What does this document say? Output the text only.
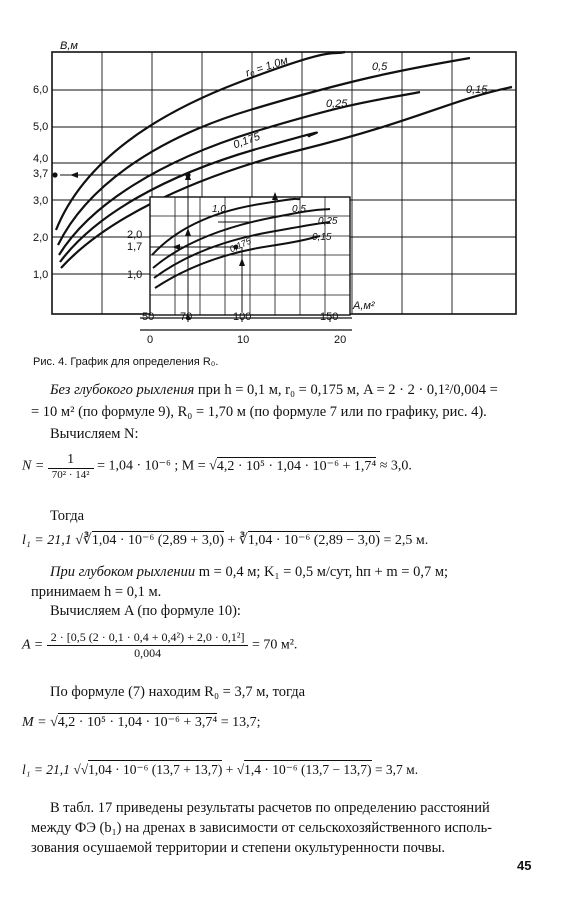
В,м
6,0
5,0
4,0
3,7
3,0
2,0
1,0
2,0
1,7
1,0
50 70	100	150
0	10	20
А,м²
r₀ = 1,0м	0,5
0,25
0,175
0,15
1,0	0,5
0,25
0,15
0,175
Рис. 4. График для определения R₀.
Без глубокого рыхления при h = 0,1 м, r₀ = 0,175 м, A = 2 · 2 · 0,1²/0,004 =
= 10 м² (по формуле 9), R₀ = 1,70 м (по формуле 7 или по графику, рис. 4).
Вычисляем N:
$N = \frac{1}{\text{70² · 14²}} = 1,04 \cdot 10^{-6}$ ; M = √4,2 · 10⁵ · 1,04 · 10⁻⁶ + 1,7⁴ ≈ 3,0.
Тогда
l₁ = 21,1 √∛1,04 · 10⁻⁶ (2,89 + 3,0) + ∛1,04 · 10⁻⁶ (2,89 − 3,0) = 2,5 м.
При глубоком рыхлении m = 0,4 м; K₁ = 0,5 м/сут, hп + m = 0,7 м;
принимаем h = 0,1 м.
Вычисляем A (по формуле 10):
$A = \frac{\text{2 · [0,5 (2 · 0,1 · 0,4 + 0,4²) + 2,0 · 0,1²]}}{0,004} = 70$ м².
По формуле (7) находим R₀ = 3,7 м, тогда
M = √4,2 · 10⁵ · 1,04 · 10⁻⁶ + 3,7⁴ = 13,7;
l₁ = 21,1 √√1,04 · 10⁻⁶ (13,7 + 13,7) + √1,4 · 10⁻⁶ (13,7 − 13,7) = 3,7 м.
В табл. 17 приведены результаты расчетов по определению расстояний
между ФЭ (b₁) на дренах в зависимости от сельскохозяйственного исполь-
зования осушаемой территории и степени окультуренности почвы.
45
